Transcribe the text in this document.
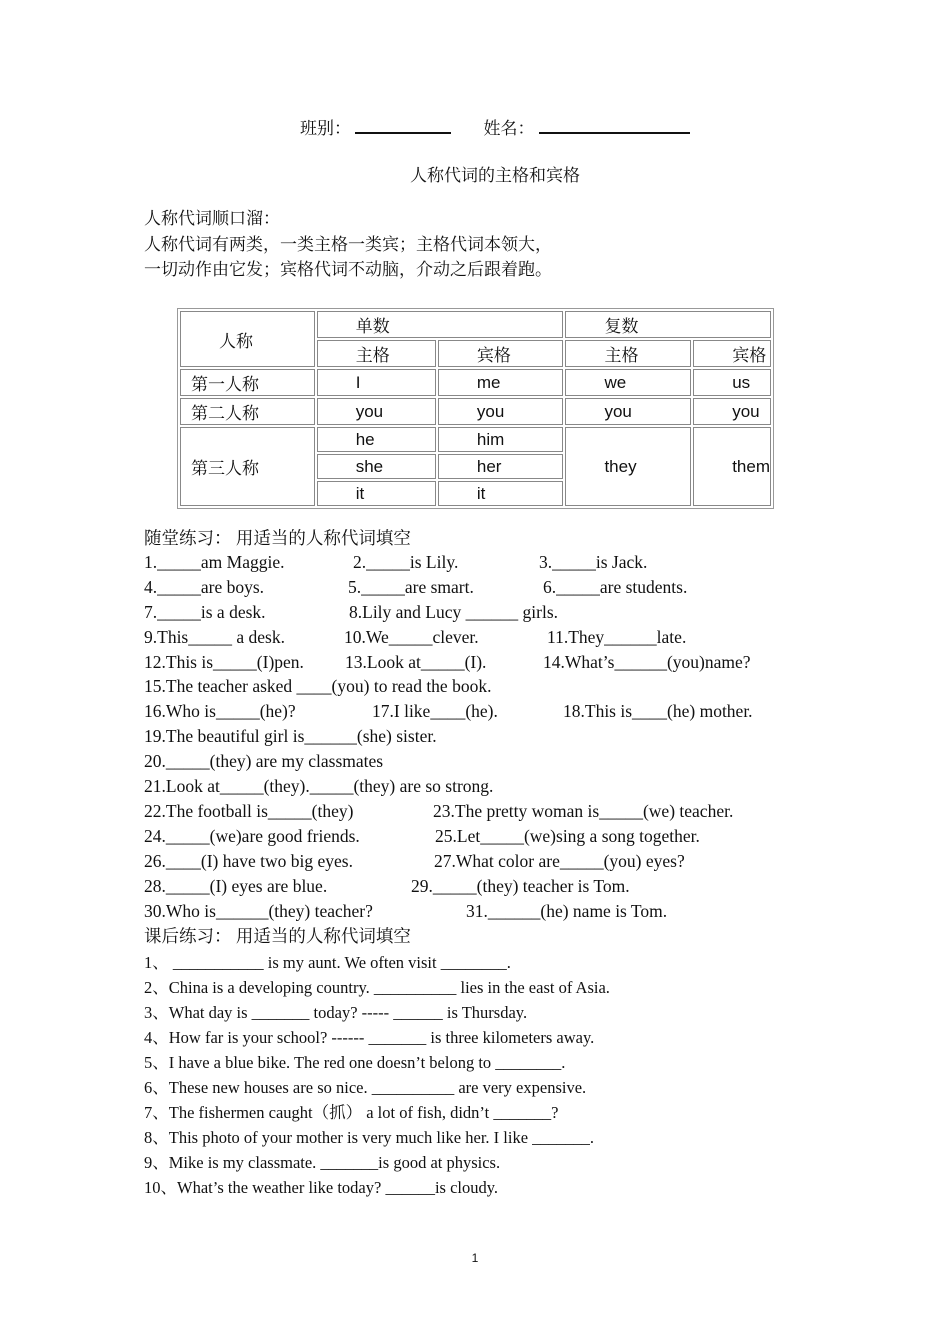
班别：	姓名：
人称代词的主格和宾格
人称代词顺口溜：
人称代词有两类，一类主格一类宾；主格代词本领大，
一切动作由它发；宾格代词不动脑，介动之后跟着跑。
人称	单数		复数	
	主格	宾格	主格	宾格
第一人称	I	me	we	us
第二人称	you	you	you	you
第三人称	he	him	they	them
	she	her		
	it	it		
随堂练习： 用适当的人称代词填空
1._____am Maggie.	2._____is Lily.	3._____is Jack.
4._____are boys.	5._____are smart.	6._____are students.
7._____is a desk.	8.Lily and Lucy ______ girls.
9.This_____ a desk.	10.We_____clever.	11.They______late.
12.This is_____(I)pen. 13.Look at_____(I).	14.What’s______(you)name?
15.The teacher asked ____(you) to read the book.
16.Who is_____(he)?	17.I like____(he).	18.This is____(he) mother.
19.The beautiful girl is______(she) sister.
20._____(they) are my classmates
21.Look at_____(they)._____(they) are so strong.
22.The football is_____(they)	23.The pretty woman is_____(we) teacher.
24._____(we)are good friends.	25.Let_____(we)sing a song together.
26.____(I) have two big eyes.	27.What color are_____(you) eyes?
28._____(I) eyes are blue.	29._____(they) teacher is Tom.
30.Who is______(they) teacher?	31.______(he) name is Tom.
课后练习： 用适当的人称代词填空
1、 ___________ is my aunt. We often visit ________.
2、China is a developing country. __________ lies in the east of Asia.
3、What day is _______ today? ----- ______ is Thursday.
4、How far is your school? ------ _______ is three kilometers away.
5、I have a blue bike. The red one doesn’t belong to ________.
6、These new houses are so nice. __________ are very expensive.
7、The fishermen caught（抓） a lot of fish, didn’t _______?
8、This photo of your mother is very much like her. I like _______.
9、Mike is my classmate. _______is good at physics.
10、What’s the weather like today? ______is cloudy.
1
